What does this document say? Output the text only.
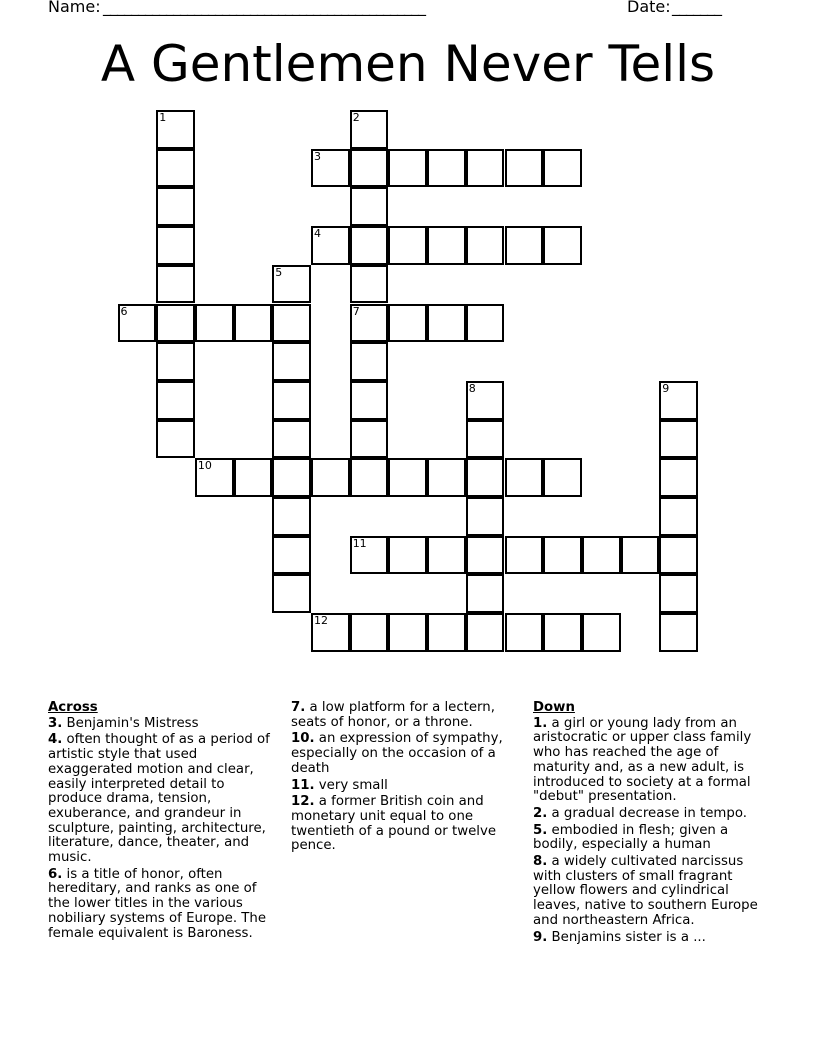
Name: ______________________________________________	Date: _______
A Gentlemen Never Tells
1	2
7
3
4
5
6
8	9
10
11
12
Across
3. Benjamin's Mistress
4. often thought of as a period of artistic style that used exaggerated motion and clear, easily interpreted detail to produce drama, tension, exuberance, and grandeur in sculpture, painting, architecture, literature, dance, theater, and music.
6. is a title of honor, often hereditary, and ranks as one of the lower titles in the various nobiliary systems of Europe. The female equivalent is Baroness.
7. a low platform for a lectern, seats of honor, or a throne.
10. an expression of sympathy, especially on the occasion of a death
11. very small
12. a former British coin and monetary unit equal to one twentieth of a pound or twelve pence.
Down
1. a girl or young lady from an aristocratic or upper class family who has reached the age of maturity and, as a new adult, is introduced to society at a formal "debut" presentation.
2. a gradual decrease in tempo.
5. embodied in flesh; given a bodily, especially a human
8. a widely cultivated narcissus with clusters of small fragrant yellow flowers and cylindrical leaves, native to southern Europe and northeastern Africa.
9. Benjamins sister is a ...
